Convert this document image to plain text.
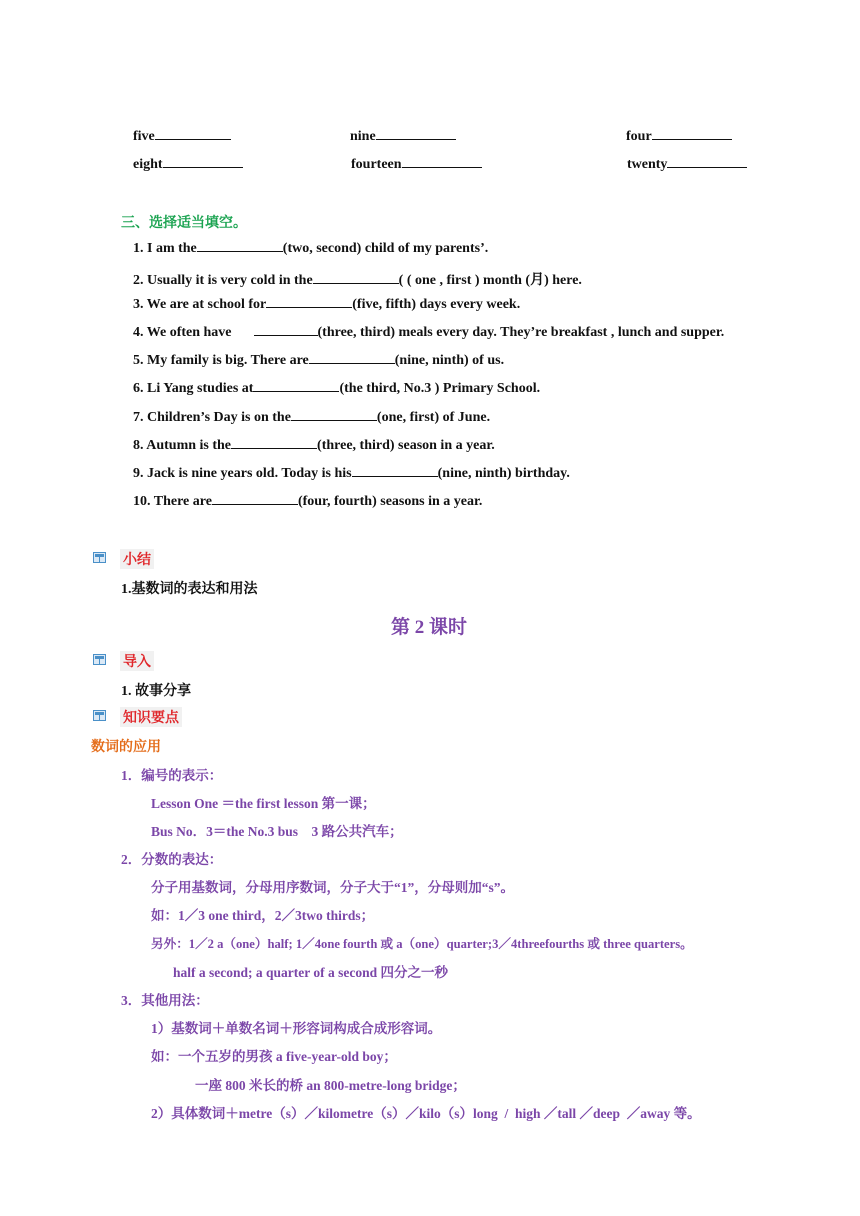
five	nine	four
eight	fourteen	twenty
三、选择适当填空。
1. I am the	(two, second) child of my parents’.
2. Usually it is very cold in the	( ( one , first ) month (月) here.
3. We are at school for	(five, fifth) days every week.
4. We often have	(three, third) meals every day. They’re breakfast , lunch and supper.
5. My family is big. There are	(nine, ninth) of us.
6. Li Yang studies at	(the third, No.3 ) Primary School.
7. Children’s Day is on the	(one, first) of June.
8. Autumn is the	(three, third) season in a year.
9. Jack is nine years old. Today is his	(nine, ninth) birthday.
10. There are	(four, fourth) seasons in a year.
小结
1.基数词的表达和用法
第 2 课时
导入
1. 故事分享
知识要点
数词的应用
1．编号的表示：
Lesson One ＝the first lesson 第一课；
Bus No．3＝the No.3 bus    3 路公共汽车；
2．分数的表达：
分子用基数词，分母用序数词，分子大于“1”，分母则加“s”。
如：1／3 one third，2／3two thirds；
另外：1／2 a（one）half; 1／4one fourth 或 a（one）quarter;3／4threefourths 或 three quarters。
half a second; a quarter of a second 四分之一秒
3．其他用法：
1）基数词＋单数名词＋形容词构成合成形容词。
如：一个五岁的男孩 a five-year-old boy；
一座 800 米长的桥 an 800-metre-long bridge；
2）具体数词＋metre（s）／kilometre（s）／kilo（s）long  /  high ／tall ／deep  ／away 等。
